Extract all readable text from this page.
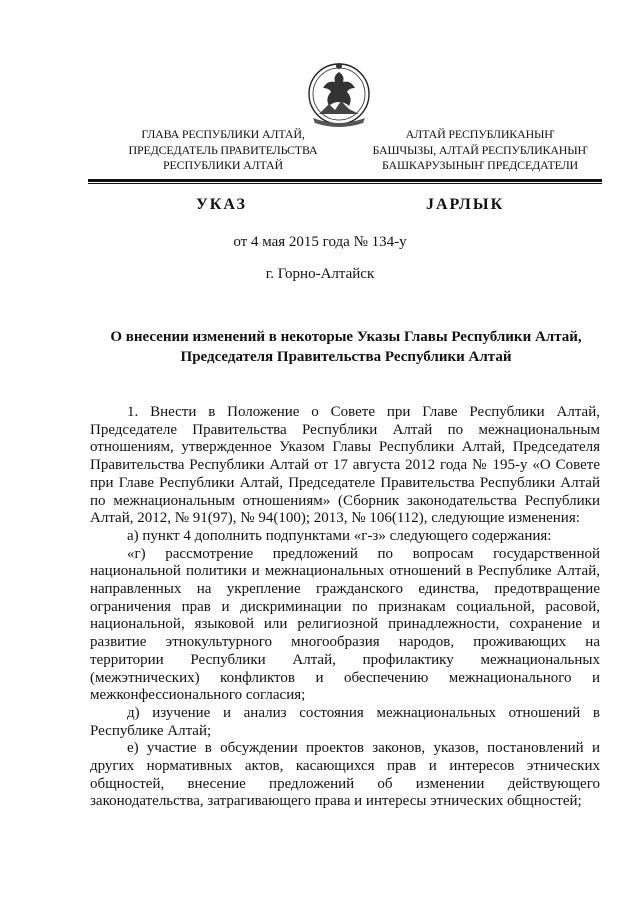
ГЛАВА РЕСПУБЛИКИ АЛТАЙ,
ПРЕДСЕДАТЕЛЬ ПРАВИТЕЛЬСТВА
РЕСПУБЛИКИ АЛТАЙ
АЛТАЙ РЕСПУБЛИКАНЫҤ
БАШЧЫЗЫ, АЛТАЙ РЕСПУБЛИКАНЫҤ
БАШКАРУЗЫНЫҤ ПРЕДСЕДАТЕЛИ
УКАЗ	JАРЛЫК
от 4 мая 2015 года № 134-у
г. Горно-Алтайск
О внесении изменений в некоторые Указы Главы Республики Алтай, Председателя Правительства Республики Алтай

1. Внести в Положение о Совете при Главе Республики Алтай, Председателе Правительства Республики Алтай по межнациональным отношениям, утвержденное Указом Главы Республики Алтай, Председателя Правительства Республики Алтай от 17 августа 2012 года № 195-у «О Совете при Главе Республики Алтай, Председателе Правительства Республики Алтай по межнациональным отношениям» (Сборник законодательства Республики Алтай, 2012, № 91(97), № 94(100); 2013, № 106(112), следующие изменения:

а) пункт 4 дополнить подпунктами «г-з» следующего содержания:

«г) рассмотрение предложений по вопросам государственной национальной политики и межнациональных отношений в Республике Алтай, направленных на укрепление гражданского единства, предотвращение ограничения прав и дискриминации по признакам социальной, расовой, национальной, языковой или религиозной принадлежности, сохранение и развитие этнокультурного многообразия народов, проживающих на территории Республики Алтай, профилактику межнациональных (межэтнических) конфликтов и обеспечению межнационального и межконфессионального согласия;

д) изучение и анализ состояния межнациональных отношений в Республике Алтай;

е) участие в обсуждении проектов законов, указов, постановлений и других нормативных актов, касающихся прав и интересов этнических общностей, внесение предложений об изменении действующего законодательства, затрагивающего права и интересы этнических общностей;
